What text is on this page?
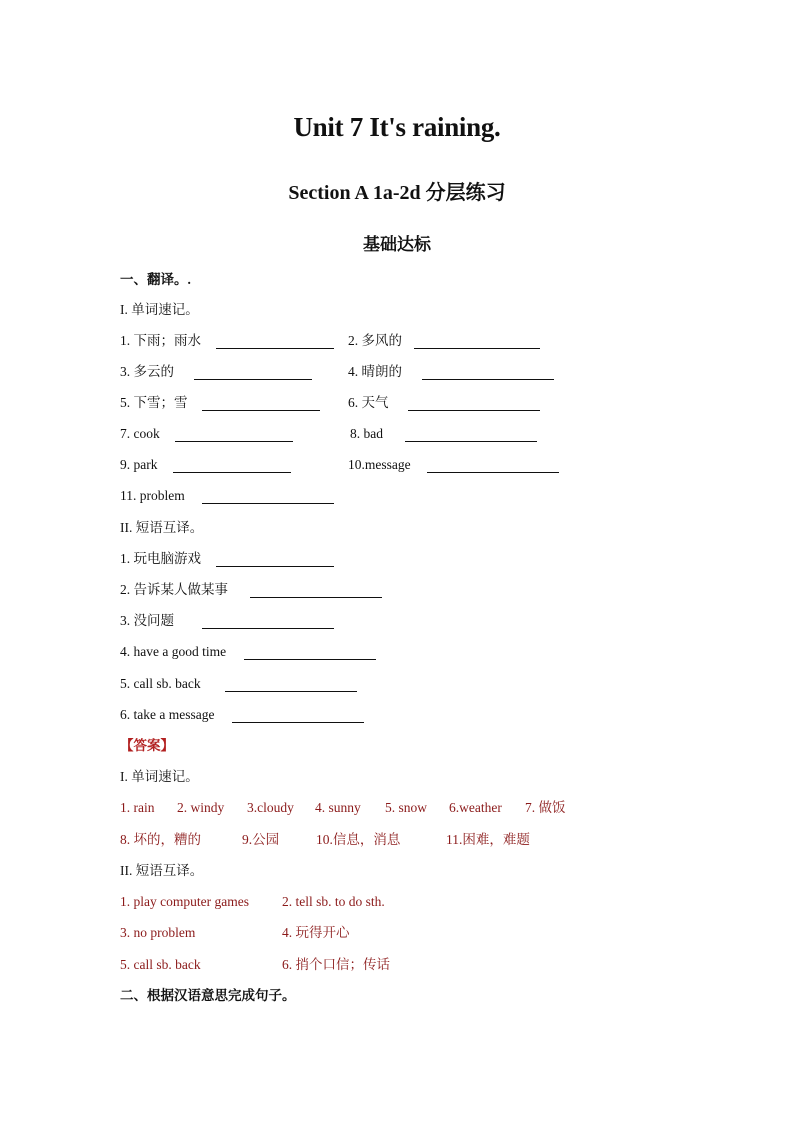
Unit 7 It's raining.
Section A 1a-2d 分层练习
基础达标
一、翻译。.
I. 单词速记。
1. 下雨；雨水	2. 多风的
3. 多云的	4. 晴朗的
5. 下雪；雪	6. 天气
7. cook	8. bad
9. park	10.message
11. problem
II. 短语互译。
1. 玩电脑游戏
2. 告诉某人做某事
3. 没问题
4. have a good time
5. call sb. back
6. take a message
【答案】
I. 单词速记。
1. rain 2. windy 3.cloudy 4. sunny 5. snow 6.weather 7. 做饭
8. 坏的，糟的	9.公园	10.信息，消息	11.困难，难题
II. 短语互译。
1. play computer games 2. tell sb. to do sth.
3. no problem	4. 玩得开心
5. call sb. back	6. 捎个口信；传话
二、根据汉语意思完成句子。
